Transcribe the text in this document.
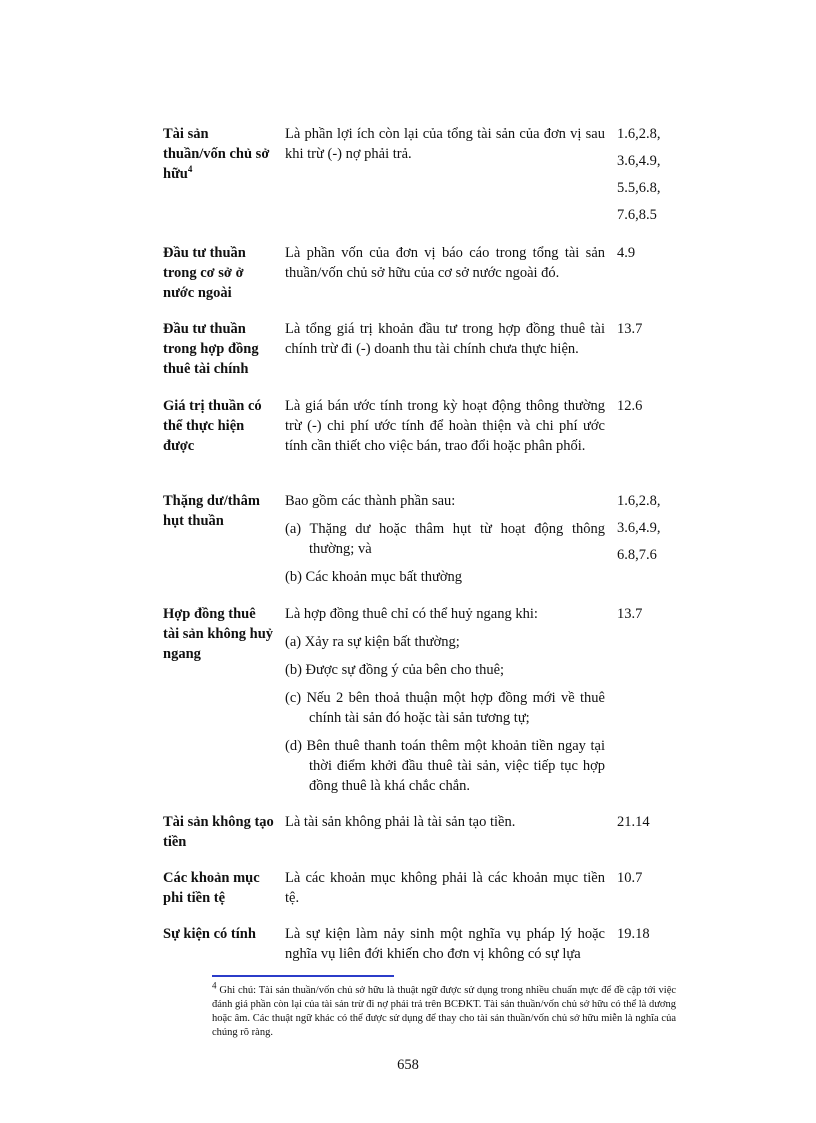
Tài sản thuần/vốn chủ sở hữu$^4$

Là phần lợi ích còn lại của tổng tài sản của đơn vị sau khi trừ (-) nợ phải trả.

1.6,2.8,
3.6,4.9,
5.5,6.8,
7.6,8.5
Đầu tư thuần trong cơ sở ở nước ngoài

Là phần vốn của đơn vị báo cáo trong tổng tài sản thuần/vốn chủ sở hữu của cơ sở nước ngoài đó.

4.9
Đầu tư thuần trong hợp đồng thuê tài chính

Là tổng giá trị khoản đầu tư trong hợp đồng thuê tài chính trừ đi (-) doanh thu tài chính chưa thực hiện.

13.7
Giá trị thuần có thể thực hiện được

Là giá bán ước tính trong kỳ hoạt động thông thường trừ (-) chi phí ước tính để hoàn thiện và chi phí ước tính cần thiết cho việc bán, trao đổi hoặc phân phối.

12.6
Thặng dư/thâm hụt thuần

Bao gồm các thành phần sau:

(a) Thặng dư hoặc thâm hụt từ hoạt động thông thường; và

(b) Các khoản mục bất thường

1.6,2.8,
3.6,4.9,
6.8,7.6
Hợp đồng thuê tài sản không huỷ ngang

Là hợp đồng thuê chỉ có thể huỷ ngang khi:

(a) Xảy ra sự kiện bất thường;

(b) Được sự đồng ý của bên cho thuê;

(c) Nếu 2 bên thoả thuận một hợp đồng mới về thuê chính tài sản đó hoặc tài sản tương tự;

(d) Bên thuê thanh toán thêm một khoản tiền ngay tại thời điểm khởi đầu thuê tài sản, việc tiếp tục hợp đồng thuê là khá chắc chắn.

13.7
Tài sản không tạo tiền

Là tài sản không phải là tài sản tạo tiền.	21.14
Các khoản mục phi tiền tệ

Là các khoản mục không phải là các khoản mục tiền tệ.

10.7
Sự kiện có tính	Là sự kiện làm nảy sinh một nghĩa vụ pháp lý hoặc nghĩa vụ liên đới khiến cho đơn vị không có sự lựa

19.18
$^4$ Ghi chú: Tài sản thuần/vốn chủ sở hữu là thuật ngữ được sử dụng trong nhiều chuẩn mực để đề cập tới việc đánh giá phần còn lại của tài sản trừ đi nợ phải trả trên BCĐKT. Tài sản thuần/vốn chủ sở hữu có thể là dương hoặc âm. Các thuật ngữ khác có thể được sử dụng để thay cho tài sản thuần/vốn chủ sở hữu miễn là nghĩa của chúng rõ ràng.
658
